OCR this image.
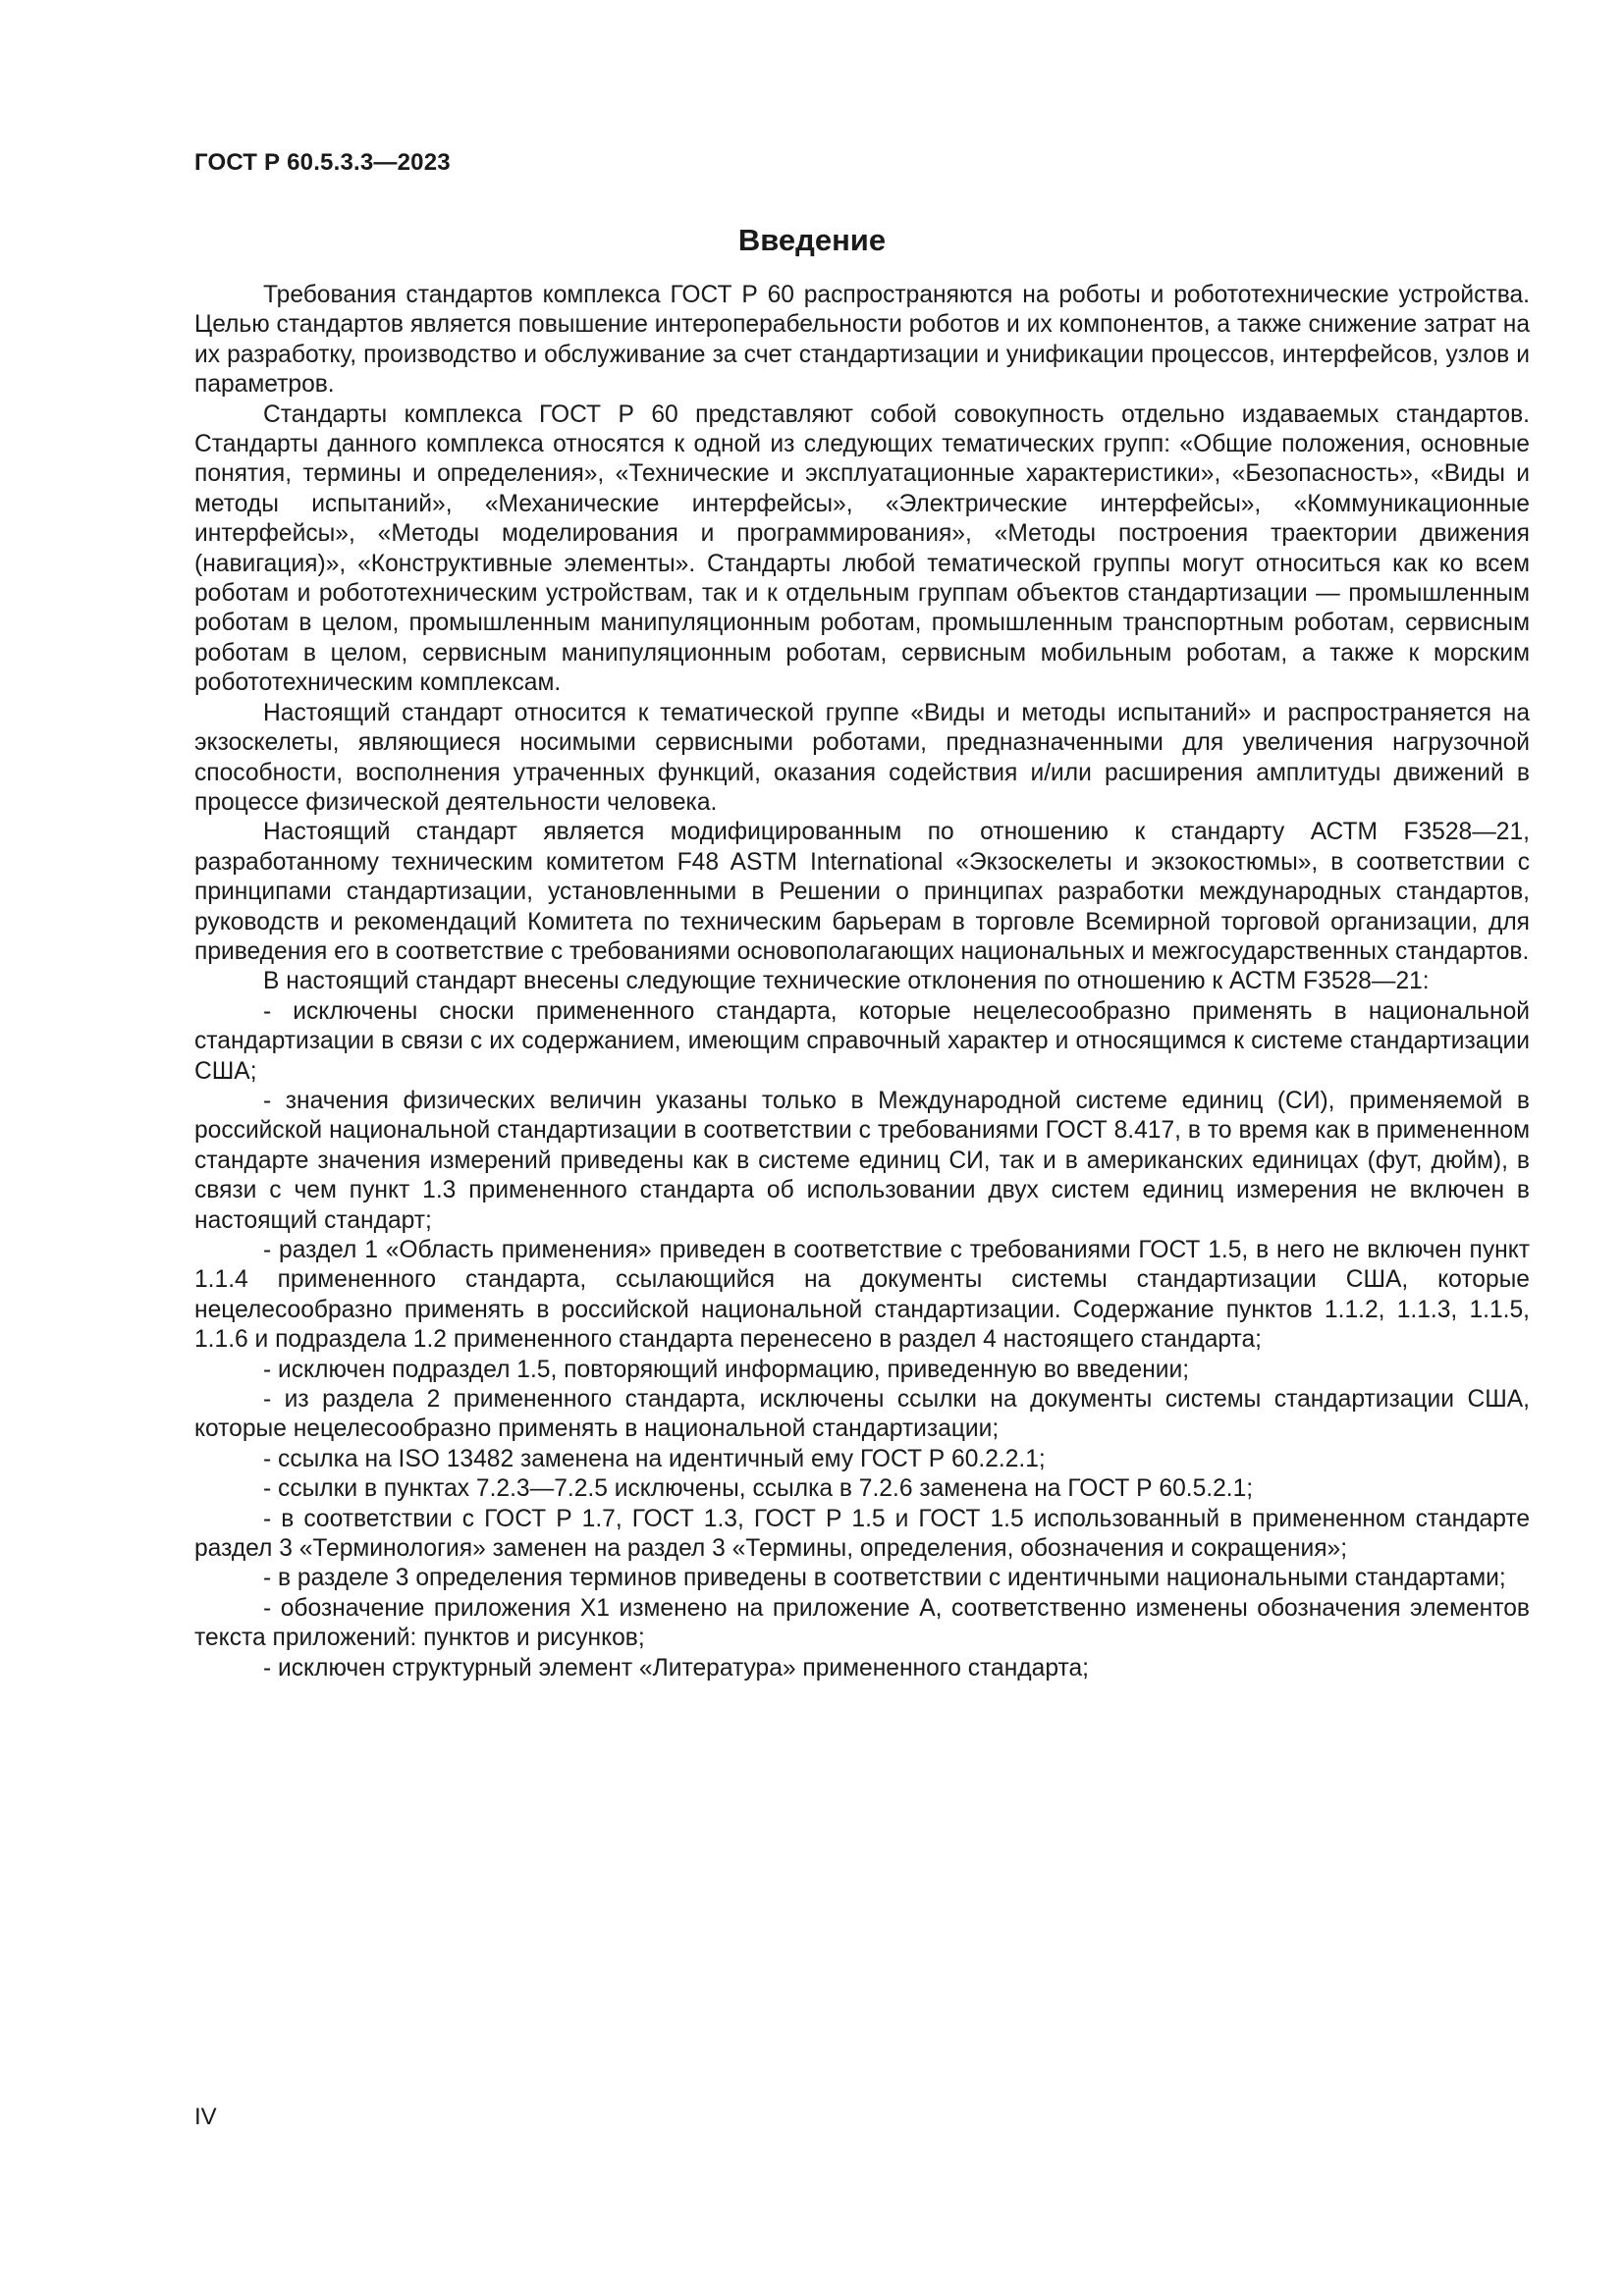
ГОСТ Р 60.5.3.3—2023
Введение

Требования стандартов комплекса ГОСТ Р 60 распространяются на роботы и робототехнические устройства. Целью стандартов является повышение интероперабельности роботов и их компонентов, а также снижение затрат на их разработку, производство и обслуживание за счет стандартизации и унификации процессов, интерфейсов, узлов и параметров.

Стандарты комплекса ГОСТ Р 60 представляют собой совокупность отдельно издаваемых стандартов. Стандарты данного комплекса относятся к одной из следующих тематических групп: «Общие положения, основные понятия, термины и определения», «Технические и эксплуатационные характеристики», «Безопасность», «Виды и методы испытаний», «Механические интерфейсы», «Электрические интерфейсы», «Коммуникационные интерфейсы», «Методы моделирования и программирования», «Методы построения траектории движения (навигация)», «Конструктивные элементы». Стандарты любой тематической группы могут относиться как ко всем роботам и робототехническим устройствам, так и к отдельным группам объектов стандартизации — промышленным роботам в целом, промышленным манипуляционным роботам, промышленным транспортным роботам, сервисным роботам в целом, сервисным манипуляционным роботам, сервисным мобильным роботам, а также к морским робототехническим комплексам.

Настоящий стандарт относится к тематической группе «Виды и методы испытаний» и распространяется на экзоскелеты, являющиеся носимыми сервисными роботами, предназначенными для увеличения нагрузочной способности, восполнения утраченных функций, оказания содействия и/или расширения амплитуды движений в процессе физической деятельности человека.

Настоящий стандарт является модифицированным по отношению к стандарту АСТМ F3528—21, разработанному техническим комитетом F48 ASTM International «Экзоскелеты и экзокостюмы», в соответствии с принципами стандартизации, установленными в Решении о принципах разработки международных стандартов, руководств и рекомендаций Комитета по техническим барьерам в торговле Всемирной торговой организации, для приведения его в соответствие с требованиями основополагающих национальных и межгосударственных стандартов.

В настоящий стандарт внесены следующие технические отклонения по отношению к АСТМ F3528—21:

- исключены сноски примененного стандарта, которые нецелесообразно применять в национальной стандартизации в связи с их содержанием, имеющим справочный характер и относящимся к системе стандартизации США;

- значения физических величин указаны только в Международной системе единиц (СИ), применяемой в российской национальной стандартизации в соответствии с требованиями ГОСТ 8.417, в то время как в примененном стандарте значения измерений приведены как в системе единиц СИ, так и в американских единицах (фут, дюйм), в связи с чем пункт 1.3 примененного стандарта об использовании двух систем единиц измерения не включен в настоящий стандарт;

- раздел 1 «Область применения» приведен в соответствие с требованиями ГОСТ 1.5, в него не включен пункт 1.1.4 примененного стандарта, ссылающийся на документы системы стандартизации США, которые нецелесообразно применять в российской национальной стандартизации. Содержание пунктов 1.1.2, 1.1.3, 1.1.5, 1.1.6 и подраздела 1.2 примененного стандарта перенесено в раздел 4 настоящего стандарта;

- исключен подраздел 1.5, повторяющий информацию, приведенную во введении;

- из раздела 2 примененного стандарта, исключены ссылки на документы системы стандартизации США, которые нецелесообразно применять в национальной стандартизации;

- ссылка на ISO 13482 заменена на идентичный ему ГОСТ Р 60.2.2.1;

- ссылки в пунктах 7.2.3—7.2.5 исключены, ссылка в 7.2.6 заменена на ГОСТ Р 60.5.2.1;

- в соответствии с ГОСТ Р 1.7, ГОСТ 1.3, ГОСТ Р 1.5 и ГОСТ 1.5 использованный в примененном стандарте раздел 3 «Терминология» заменен на раздел 3 «Термины, определения, обозначения и сокращения»;

- в разделе 3 определения терминов приведены в соответствии с идентичными национальными стандартами;

- обозначение приложения X1 изменено на приложение А, соответственно изменены обозначения элементов текста приложений: пунктов и рисунков;

- исключен структурный элемент «Литература» примененного стандарта;

IV
